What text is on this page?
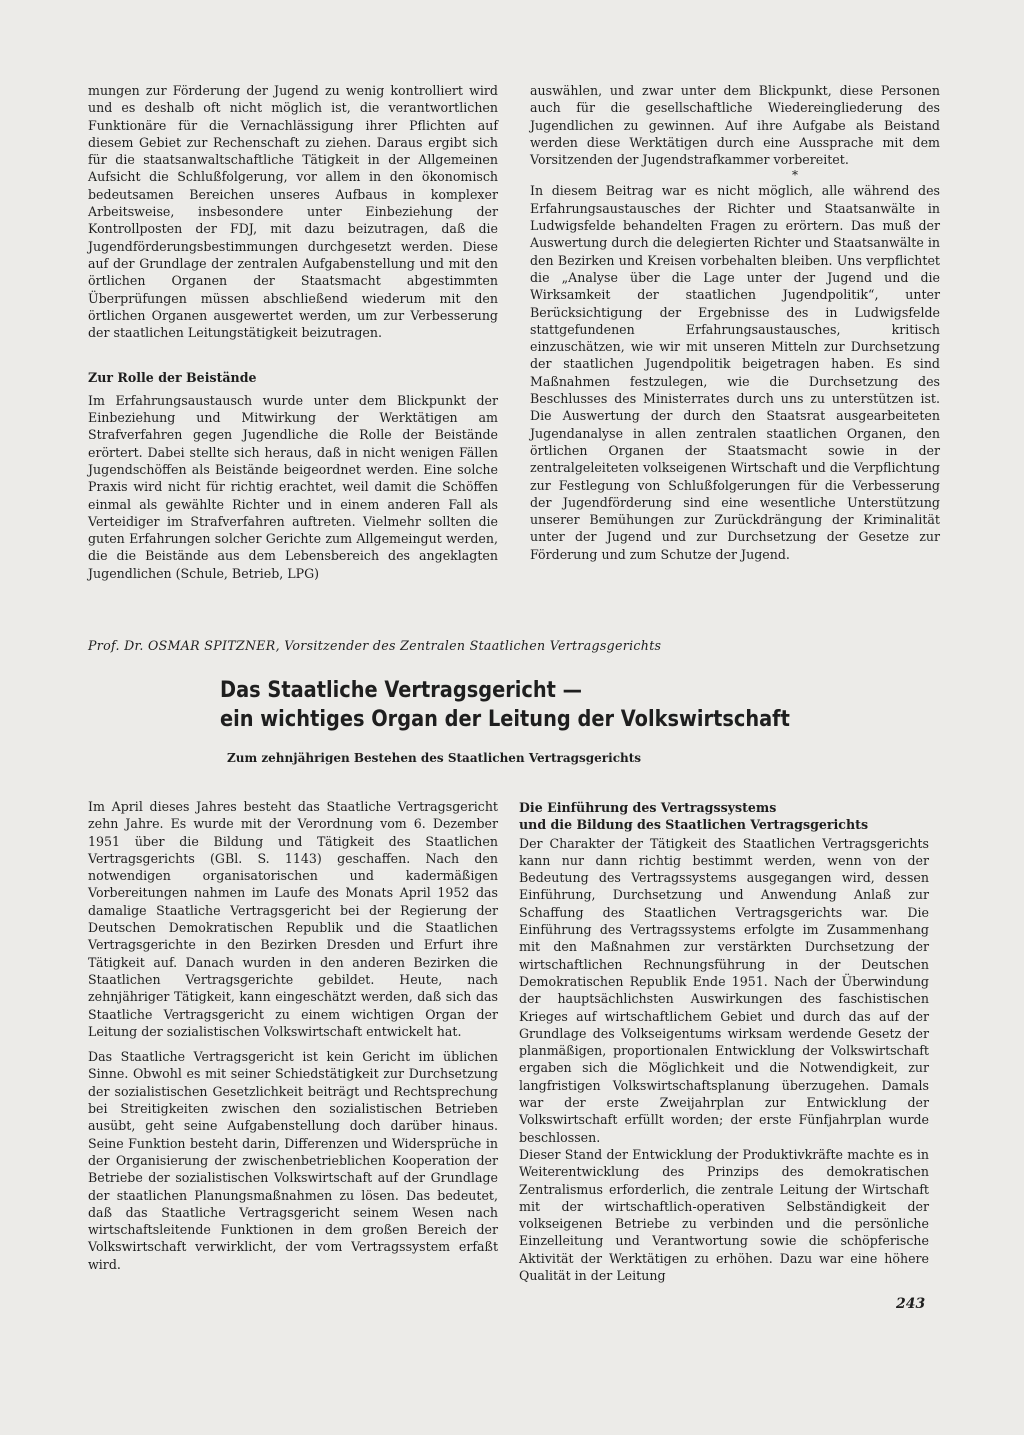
mungen zur Förderung der Jugend zu wenig kontrolliert wird und es deshalb oft nicht möglich ist, die verantwortlichen Funktionäre für die Vernachlässigung ihrer Pflichten auf diesem Gebiet zur Rechenschaft zu ziehen. Daraus ergibt sich für die staatsanwaltschaftliche Tätigkeit in der Allgemeinen Aufsicht die Schlußfolgerung, vor allem in den ökonomisch bedeutsamen Bereichen unseres Aufbaus in komplexer Arbeitsweise, insbesondere unter Einbeziehung der Kontrollposten der FDJ, mit dazu beizutragen, daß die Jugendförderungsbestimmungen durchgesetzt werden. Diese auf der Grundlage der zentralen Aufgabenstellung und mit den örtlichen Organen der Staatsmacht abgestimmten Überprüfungen müssen abschließend wiederum mit den örtlichen Organen ausgewertet werden, um zur Verbesserung der staatlichen Leitungstätigkeit beizutragen.

Zur Rolle der Beistände

Im Erfahrungsaustausch wurde unter dem Blickpunkt der Einbeziehung und Mitwirkung der Werktätigen am Strafverfahren gegen Jugendliche die Rolle der Beistände erörtert. Dabei stellte sich heraus, daß in nicht wenigen Fällen Jugendschöffen als Beistände beigeordnet werden. Eine solche Praxis wird nicht für richtig erachtet, weil damit die Schöffen einmal als gewählte Richter und in einem anderen Fall als Verteidiger im Strafverfahren auftreten. Vielmehr sollten die guten Erfahrungen solcher Gerichte zum Allgemeingut werden, die die Beistände aus dem Lebensbereich des angeklagten Jugendlichen (Schule, Betrieb, LPG)

auswählen, und zwar unter dem Blickpunkt, diese Personen auch für die gesellschaftliche Wiedereingliederung des Jugendlichen zu gewinnen. Auf ihre Aufgabe als Beistand werden diese Werktätigen durch eine Aussprache mit dem Vorsitzenden der Jugendstrafkammer vorbereitet.

*

In diesem Beitrag war es nicht möglich, alle während des Erfahrungsaustausches der Richter und Staatsanwälte in Ludwigsfelde behandelten Fragen zu erörtern. Das muß der Auswertung durch die delegierten Richter und Staatsanwälte in den Bezirken und Kreisen vorbehalten bleiben. Uns verpflichtet die „Analyse über die Lage unter der Jugend und die Wirksamkeit der staatlichen Jugendpolitik“, unter Berücksichtigung der Ergebnisse des in Ludwigsfelde stattgefundenen Erfahrungsaustausches, kritisch einzuschätzen, wie wir mit unseren Mitteln zur Durchsetzung der staatlichen Jugendpolitik beigetragen haben. Es sind Maßnahmen festzulegen, wie die Durchsetzung des Beschlusses des Ministerrates durch uns zu unterstützen ist. Die Auswertung der durch den Staatsrat ausgearbeiteten Jugendanalyse in allen zentralen staatlichen Organen, den örtlichen Organen der Staatsmacht sowie in der zentralgeleiteten volkseigenen Wirtschaft und die Verpflichtung zur Festlegung von Schlußfolgerungen für die Verbesserung der Jugendförderung sind eine wesentliche Unterstützung unserer Bemühungen zur Zurückdrängung der Kriminalität unter der Jugend und zur Durchsetzung der Gesetze zur Förderung und zum Schutze der Jugend.

Prof. Dr. OSMAR SPITZNER, Vorsitzender des Zentralen Staatlichen Vertragsgerichts

Das Staatliche Vertragsgericht —
ein wichtiges Organ der Leitung der Volkswirtschaft

Zum zehnjährigen Bestehen des Staatlichen Vertragsgerichts

Im April dieses Jahres besteht das Staatliche Vertragsgericht zehn Jahre. Es wurde mit der Verordnung vom 6. Dezember 1951 über die Bildung und Tätigkeit des Staatlichen Vertragsgerichts (GBl. S. 1143) geschaffen. Nach den notwendigen organisatorischen und kadermäßigen Vorbereitungen nahmen im Laufe des Monats April 1952 das damalige Staatliche Vertragsgericht bei der Regierung der Deutschen Demokratischen Republik und die Staatlichen Vertragsgerichte in den Bezirken Dresden und Erfurt ihre Tätigkeit auf. Danach wurden in den anderen Bezirken die Staatlichen Vertragsgerichte gebildet. Heute, nach zehnjähriger Tätigkeit, kann eingeschätzt werden, daß sich das Staatliche Vertragsgericht zu einem wichtigen Organ der Leitung der sozialistischen Volkswirtschaft entwickelt hat.

Das Staatliche Vertragsgericht ist kein Gericht im üblichen Sinne. Obwohl es mit seiner Schiedstätigkeit zur Durchsetzung der sozialistischen Gesetzlichkeit beiträgt und Rechtsprechung bei Streitigkeiten zwischen den sozialistischen Betrieben ausübt, geht seine Aufgabenstellung doch darüber hinaus. Seine Funktion besteht darin, Differenzen und Widersprüche in der Organisierung der zwischenbetrieblichen Kooperation der Betriebe der sozialistischen Volkswirtschaft auf der Grundlage der staatlichen Planungsmaßnahmen zu lösen. Das bedeutet, daß das Staatliche Vertragsgericht seinem Wesen nach wirtschaftsleitende Funktionen in dem großen Bereich der Volkswirtschaft verwirklicht, der vom Vertragssystem erfaßt wird.

Die Einführung des Vertragssystems
und die Bildung des Staatlichen Vertragsgerichts

Der Charakter der Tätigkeit des Staatlichen Vertragsgerichts kann nur dann richtig bestimmt werden, wenn von der Bedeutung des Vertragssystems ausgegangen wird, dessen Einführung, Durchsetzung und Anwendung Anlaß zur Schaffung des Staatlichen Vertragsgerichts war. Die Einführung des Vertragssystems erfolgte im Zusammenhang mit den Maßnahmen zur verstärkten Durchsetzung der wirtschaftlichen Rechnungsführung in der Deutschen Demokratischen Republik Ende 1951. Nach der Überwindung der hauptsächlichsten Auswirkungen des faschistischen Krieges auf wirtschaftlichem Gebiet und durch das auf der Grundlage des Volkseigentums wirksam werdende Gesetz der planmäßigen, proportionalen Entwicklung der Volkswirtschaft ergaben sich die Möglichkeit und die Notwendigkeit, zur langfristigen Volkswirtschaftsplanung überzugehen. Damals war der erste Zweijahrplan zur Entwicklung der Volkswirtschaft erfüllt worden; der erste Fünfjahrplan wurde beschlossen.

Dieser Stand der Entwicklung der Produktivkräfte machte es in Weiterentwicklung des Prinzips des demokratischen Zentralismus erforderlich, die zentrale Leitung der Wirtschaft mit der wirtschaftlich-operativen Selbständigkeit der volkseigenen Betriebe zu verbinden und die persönliche Einzelleitung und Verantwortung sowie die schöpferische Aktivität der Werktätigen zu erhöhen. Dazu war eine höhere Qualität in der Leitung

243
